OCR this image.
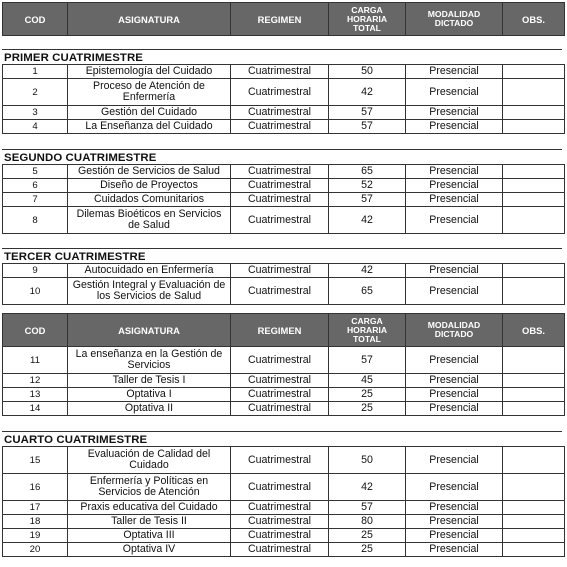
COD	ASIGNATURA	REGIMEN	CARGA
HORARIA
TOTAL	MODALIDAD
DICTADO	OBS.
PRIMER CUATRIMESTRE
1	Epistemología del Cuidado	Cuatrimestral	50	Presencial	
2	Proceso de Atención de
Enfermería	Cuatrimestral	42	Presencial	
3	Gestión del Cuidado	Cuatrimestral	57	Presencial	
4	La Enseñanza del Cuidado	Cuatrimestral	57	Presencial	
SEGUNDO CUATRIMESTRE
5	Gestión de Servicios de Salud	Cuatrimestral	65	Presencial	
6	Diseño de Proyectos	Cuatrimestral	52	Presencial	
7	Cuidados Comunitarios	Cuatrimestral	57	Presencial	
8	Dilemas Bioéticos en Servicios
de Salud	Cuatrimestral	42	Presencial	
TERCER CUATRIMESTRE
9	Autocuidado en Enfermería	Cuatrimestral	42	Presencial	
10	Gestión Integral y Evaluación de
los Servicios de Salud	Cuatrimestral	65	Presencial	
COD	ASIGNATURA	REGIMEN	CARGA
HORARIA
TOTAL	MODALIDAD
DICTADO	OBS.
11	La enseñanza en la Gestión de
Servicios	Cuatrimestral	57	Presencial	
12	Taller de Tesis I	Cuatrimestral	45	Presencial	
13	Optativa I	Cuatrimestral	25	Presencial	
14	Optativa II	Cuatrimestral	25	Presencial	
CUARTO CUATRIMESTRE
15	Evaluación de Calidad del
Cuidado	Cuatrimestral	50	Presencial	
16	Enfermería y Políticas en
Servicios de Atención	Cuatrimestral	42	Presencial	
17	Praxis educativa del Cuidado	Cuatrimestral	57	Presencial	
18	Taller de Tesis II	Cuatrimestral	80	Presencial	
19	Optativa III	Cuatrimestral	25	Presencial	
20	Optativa IV	Cuatrimestral	25	Presencial	
